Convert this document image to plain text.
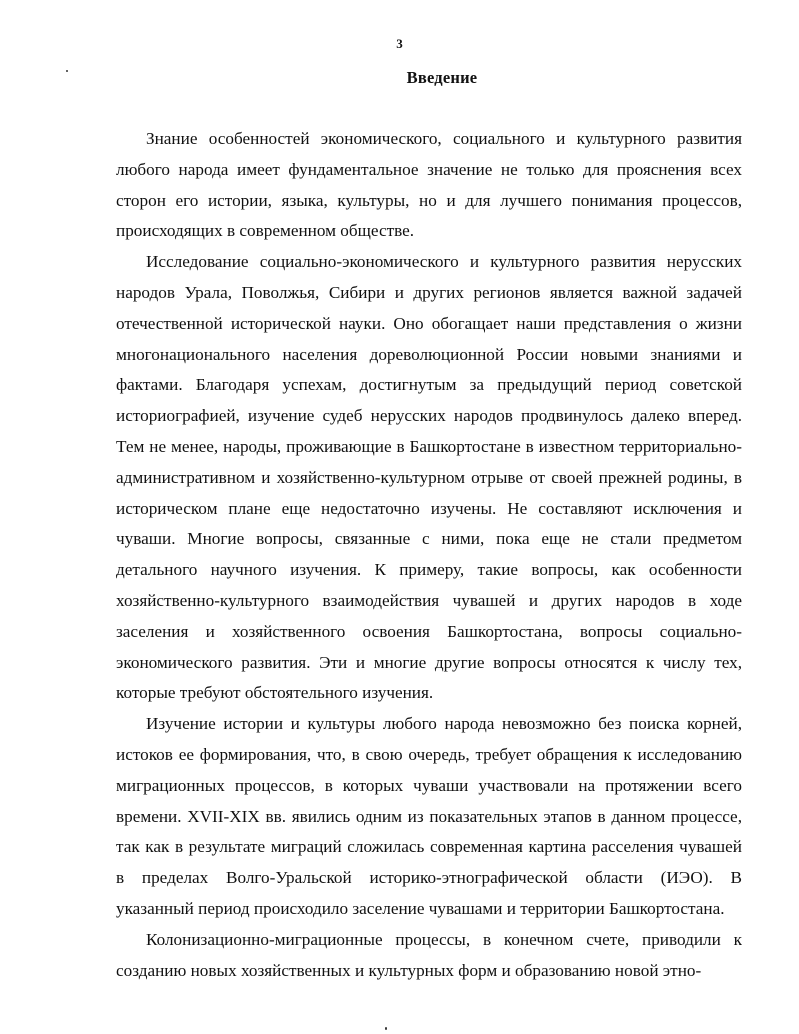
3
Введение

Знание особенностей экономического, социального и культурного развития любого народа имеет фундаментальное значение не только для прояснения всех сторон его истории, языка, культуры, но и для лучшего понимания процессов, происходящих в современном обществе.

Исследование социально-экономического и культурного развития нерусских народов Урала, Поволжья, Сибири и других регионов является важной задачей отечественной исторической науки. Оно обогащает наши представления о жизни многонационального населения дореволюционной России новыми знаниями и фактами. Благодаря успехам, достигнутым за предыдущий период советской историографией, изучение судеб нерусских народов продвинулось далеко вперед. Тем не менее, народы, проживающие в Башкортостане в известном территориально-административном и хозяйственно-культурном отрыве от своей прежней родины, в историческом плане еще недостаточно изучены. Не составляют исключения и чуваши. Многие вопросы, связанные с ними, пока еще не стали предметом детального научного изучения. К примеру, такие вопросы, как особенности хозяйственно-культурного взаимодействия чувашей и других народов в ходе заселения и хозяйственного освоения Башкортостана, вопросы социально-экономического развития. Эти и многие другие вопросы относятся к числу тех, которые требуют обстоятельного изучения.

Изучение истории и культуры любого народа невозможно без поиска корней, истоков ее формирования, что, в свою очередь, требует обращения к исследованию миграционных процессов, в которых чуваши участвовали на протяжении всего времени. XVII-XIX вв. явились одним из показательных этапов в данном процессе, так как в результате миграций сложилась современная картина расселения чувашей в пределах Волго-Уральской историко-этнографической области (ИЭО). В указанный период происходило заселение чувашами и территории Башкортостана.

Колонизационно-миграционные процессы, в конечном счете, приводили к созданию новых хозяйственных и культурных форм и образованию новой этно-
